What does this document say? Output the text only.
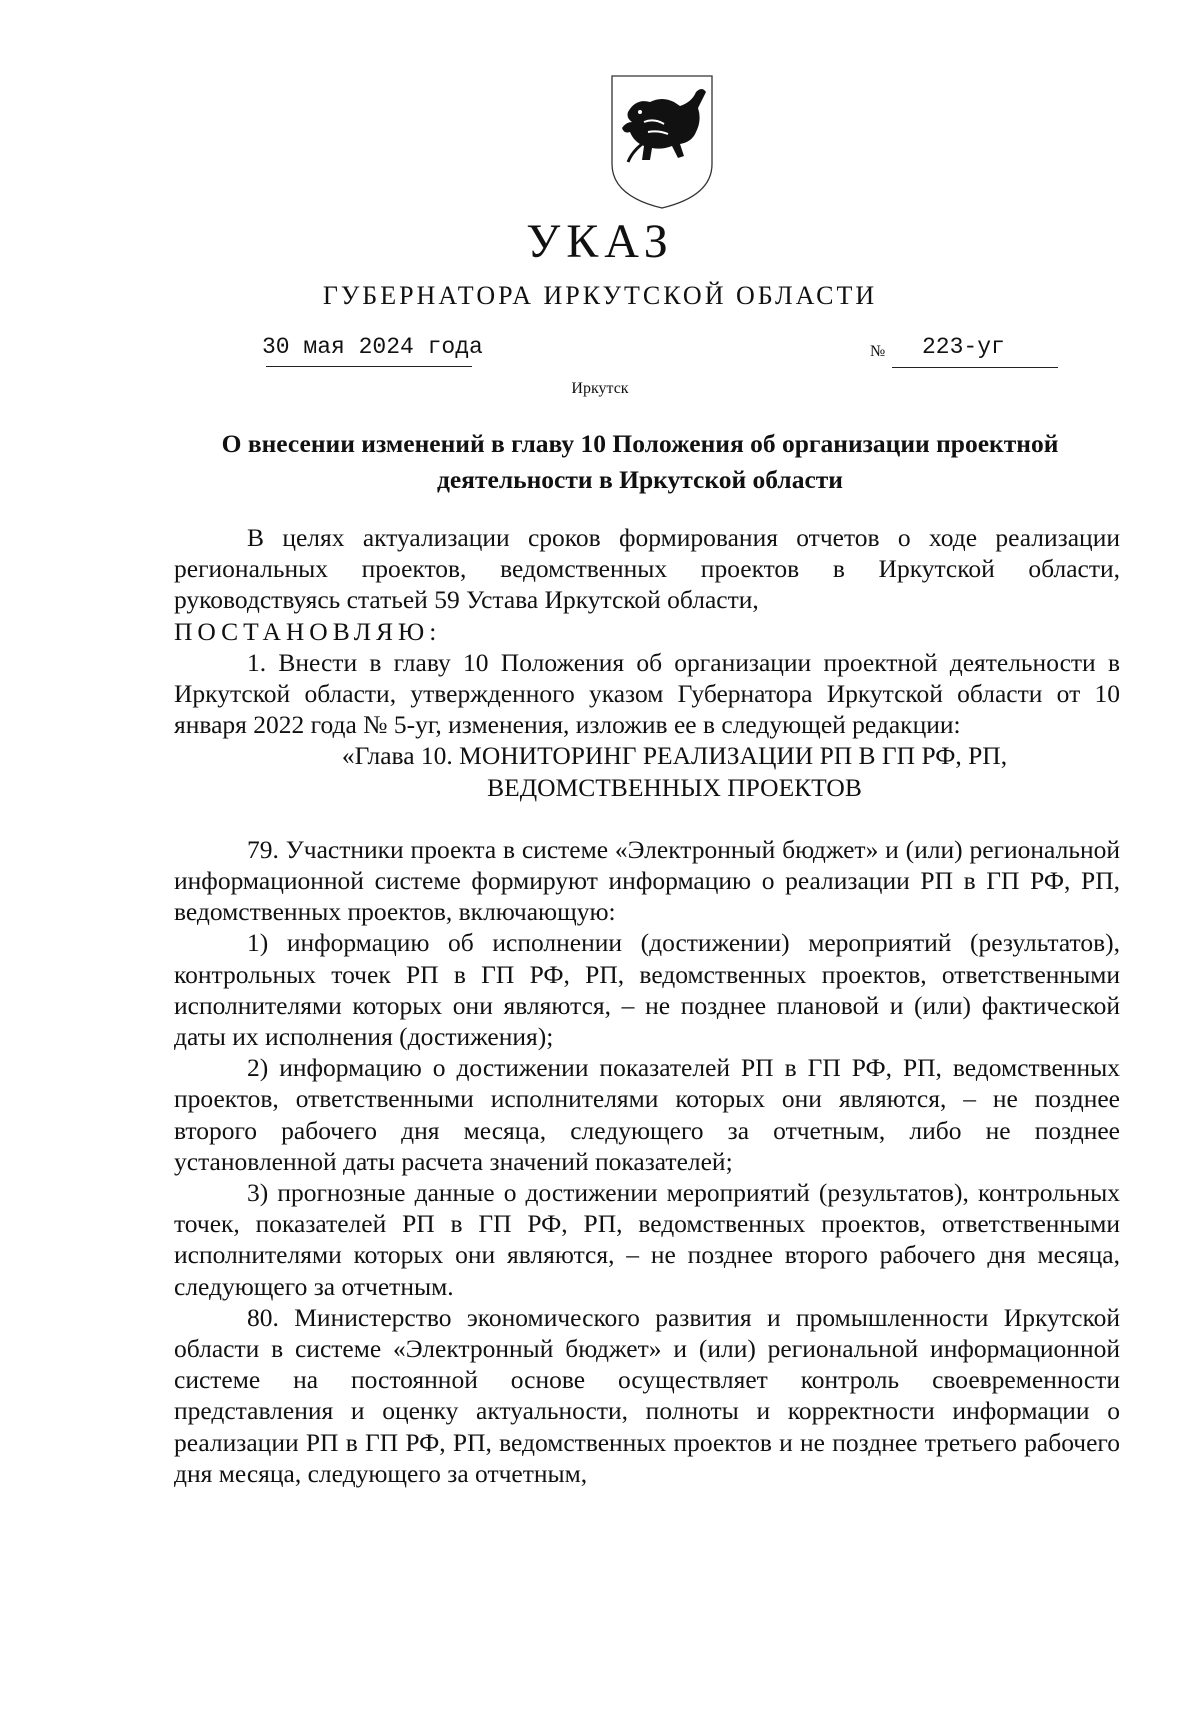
УКАЗ
ГУБЕРНАТОРА ИРКУТСКОЙ ОБЛАСТИ
30 мая 2024 года	№ 223-уг
Иркутск
О внесении изменений в главу 10 Положения об организации проектной деятельности в Иркутской области

В целях актуализации сроков формирования отчетов о ходе реализации региональных проектов, ведомственных проектов в Иркутской области, руководствуясь статьей 59 Устава Иркутской области,

ПОСТАНОВЛЯЮ:

1. Внести в главу 10 Положения об организации проектной деятельности в Иркутской области, утвержденного указом Губернатора Иркутской области от 10 января 2022 года № 5-уг, изменения, изложив ее в следующей редакции:

«Глава 10. МОНИТОРИНГ РЕАЛИЗАЦИИ РП В ГП РФ, РП, ВЕДОМСТВЕННЫХ ПРОЕКТОВ

79. Участники проекта в системе «Электронный бюджет» и (или) региональной информационной системе формируют информацию о реализации РП в ГП РФ, РП, ведомственных проектов, включающую:

1) информацию об исполнении (достижении) мероприятий (результатов), контрольных точек РП в ГП РФ, РП, ведомственных проектов, ответственными исполнителями которых они являются, – не позднее плановой и (или) фактической даты их исполнения (достижения);

2) информацию о достижении показателей РП в ГП РФ, РП, ведомственных проектов, ответственными исполнителями которых они являются, – не позднее второго рабочего дня месяца, следующего за отчетным, либо не позднее установленной даты расчета значений показателей;

3) прогнозные данные о достижении мероприятий (результатов), контрольных точек, показателей РП в ГП РФ, РП, ведомственных проектов, ответственными исполнителями которых они являются, – не позднее второго рабочего дня месяца, следующего за отчетным.

80. Министерство экономического развития и промышленности Иркутской области в системе «Электронный бюджет» и (или) региональной информационной системе на постоянной основе осуществляет контроль своевременности представления и оценку актуальности, полноты и корректности информации о реализации РП в ГП РФ, РП, ведомственных проектов и не позднее третьего рабочего дня месяца, следующего за отчетным,
